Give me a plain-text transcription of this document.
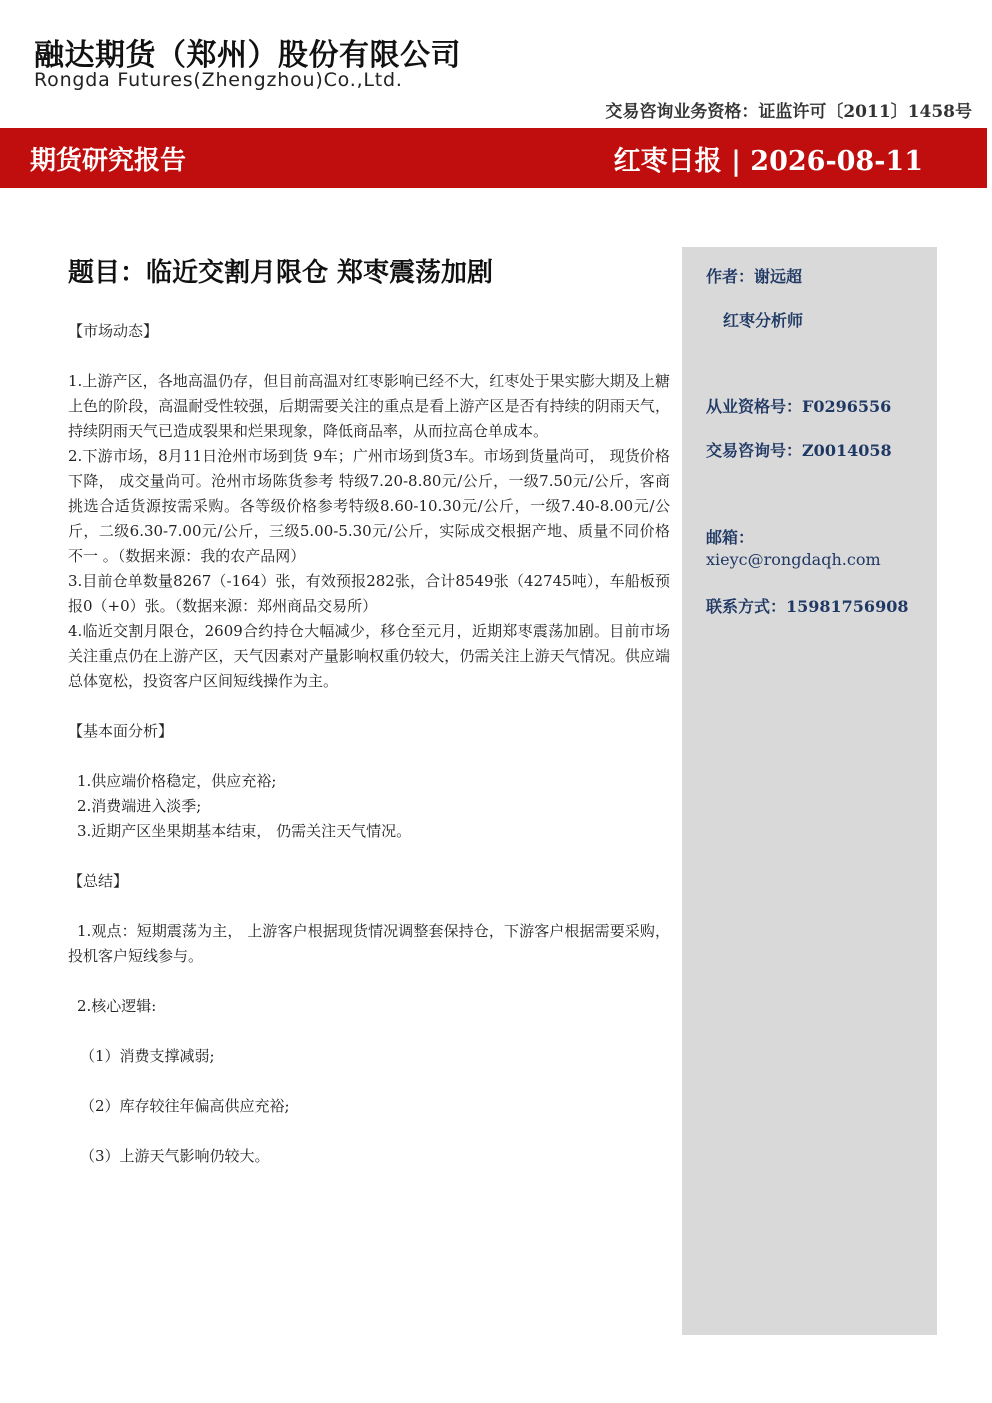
融达期货（郑州）股份有限公司
Rongda Futures(Zhengzhou)Co.,Ltd.
交易咨询业务资格：证监许可〔2011〕1458号
期货研究报告	红枣日报 | 2026-08-11
题目：临近交割月限仓 郑枣震荡加剧

【市场动态】

1.上游产区，各地高温仍存，但目前高温对红枣影响已经不大，红枣处于果实膨大期及上糖上色的阶段，高温耐受性较强，后期需要关注的重点是看上游产区是否有持续的阴雨天气，持续阴雨天气已造成裂果和烂果现象，降低商品率，从而拉高仓单成本。

2.下游市场，8月11日沧州市场到货 9车；广州市场到货3车。市场到货量尚可， 现货价格下降， 成交量尚可。沧州市场陈货参考 特级7.20-8.80元/公斤，一级7.50元/公斤，客商挑选合适货源按需采购。各等级价格参考特级8.60-10.30元/公斤，一级7.40-8.00元/公斤，二级6.30-7.00元/公斤，三级5.00-5.30元/公斤，实际成交根据产地、质量不同价格不一 。（数据来源：我的农产品网）

3.目前仓单数量8267（-164）张，有效预报282张，合计8549张（42745吨），车船板预报0（+0）张。（数据来源：郑州商品交易所）

4.临近交割月限仓，2609合约持仓大幅减少，移仓至元月，近期郑枣震荡加剧。目前市场关注重点仍在上游产区，天气因素对产量影响权重仍较大，仍需关注上游天气情况。供应端总体宽松，投资客户区间短线操作为主。

【基本面分析】

1.供应端价格稳定，供应充裕;

2.消费端进入淡季;

3.近期产区坐果期基本结束， 仍需关注天气情况。

【总结】

1.观点：短期震荡为主， 上游客户根据现货情况调整套保持仓，下游客户根据需要采购，投机客户短线参与。

2.核心逻辑:

（1）消费支撑减弱;

（2）库存较往年偏高供应充裕;

（3）上游天气影响仍较大。

作者：谢远超
红枣分析师
从业资格号：F0296556
交易咨询号：Z0014058
邮箱：
xieyc@rongdaqh.com
联系方式：15981756908
